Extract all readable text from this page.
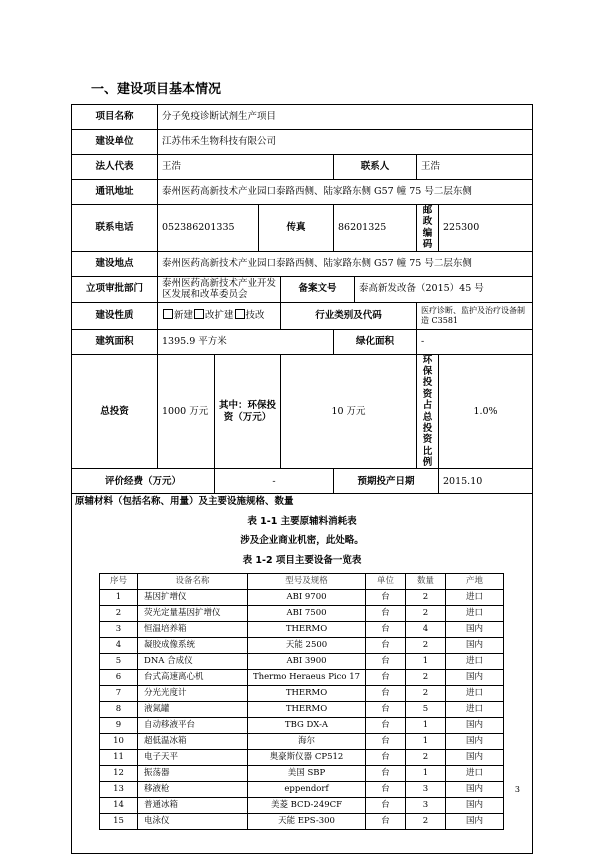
一、建设项目基本情况
项目名称	分子免疫诊断试剂生产项目
建设单位	江苏伟禾生物科技有限公司
法人代表	王浩	联系人	王浩
通讯地址	泰州医药高新技术产业园口泰路西侧、陆家路东侧 G57 幢 75 号二层东侧
联系电话	052386201335	传真	86201325	邮政编码	225300
建设地点	泰州医药高新技术产业园口泰路西侧、陆家路东侧 G57 幢 75 号二层东侧
立项审批部门	泰州医药高新技术产业开发区发展和改革委员会	备案文号	泰高新发改备（2015）45 号
建设性质	新建 改扩建 技改	行业类别及代码	医疗诊断、监护及治疗设备制造 C3581
建筑面积	1395.9 平方米	绿化面积	-
总投资	1000 万元	其中：环保投资（万元）	10 万元	环保投资占总投资比例	1.0%
评价经费（万元）	-	预期投产日期	2015.10

原辅材料（包括名称、用量）及主要设施规格、数量
表 1-1 主要原辅料消耗表
涉及企业商业机密，此处略。
表 1-2 项目主要设备一览表
序号	设备名称	型号及规格	单位	数量	产地
1	基因扩增仪	ABI 9700	台	2	进口
2	荧光定量基因扩增仪	ABI 7500	台	2	进口
3	恒温培养箱	THERMO	台	4	国内
4	凝胶成像系统	天能 2500	台	2	国内
5	DNA 合成仪	ABI 3900	台	1	进口
6	台式高速离心机	Thermo Heraeus Pico 17	台	2	国内
7	分光光度计	THERMO	台	2	进口
8	液氮罐	THERMO	台	5	进口
9	自动移液平台	TBG DX-A	台	1	国内
10	超低温冰箱	海尔	台	1	国内
11	电子天平	奥豪斯仪器 CP512	台	2	国内
12	振荡器	美国 SBP	台	1	进口
13	移液枪	eppendorf	台	3	国内
14	普通冰箱	美菱 BCD-249CF	台	3	国内
15	电泳仪	天能 EPS-300	台	2	国内
3
